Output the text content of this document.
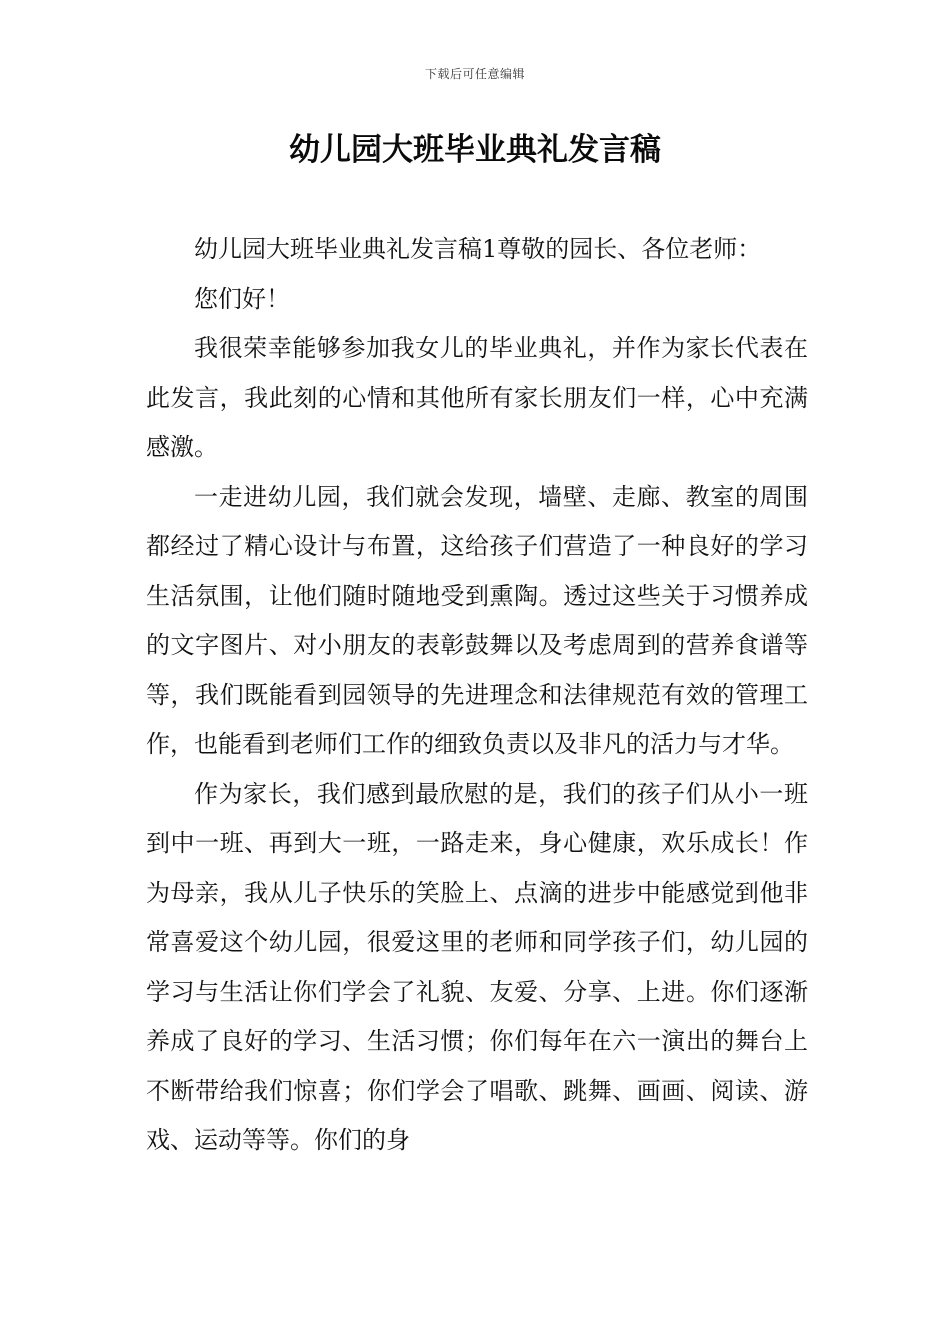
下载后可任意编辑
幼儿园大班毕业典礼发言稿

幼儿园大班毕业典礼发言稿1尊敬的园长、各位老师：

您们好！

我很荣幸能够参加我女儿的毕业典礼，并作为家长代表在此发言，我此刻的心情和其他所有家长朋友们一样，心中充满感激。

一走进幼儿园，我们就会发现，墙壁、走廊、教室的周围都经过了精心设计与布置，这给孩子们营造了一种良好的学习生活氛围，让他们随时随地受到熏陶。透过这些关于习惯养成的文字图片、对小朋友的表彰鼓舞以及考虑周到的营养食谱等等，我们既能看到园领导的先进理念和法律规范有效的管理工作，也能看到老师们工作的细致负责以及非凡的活力与才华。

作为家长，我们感到最欣慰的是，我们的孩子们从小一班到中一班、再到大一班，一路走来，身心健康，欢乐成长！作为母亲，我从儿子快乐的笑脸上、点滴的进步中能感觉到他非常喜爱这个幼儿园，很爱这里的老师和同学孩子们，幼儿园的学习与生活让你们学会了礼貌、友爱、分享、上进。你们逐渐养成了良好的学习、生活习惯；你们每年在六一演出的舞台上不断带给我们惊喜；你们学会了唱歌、跳舞、画画、阅读、游戏、运动等等。你们的身
